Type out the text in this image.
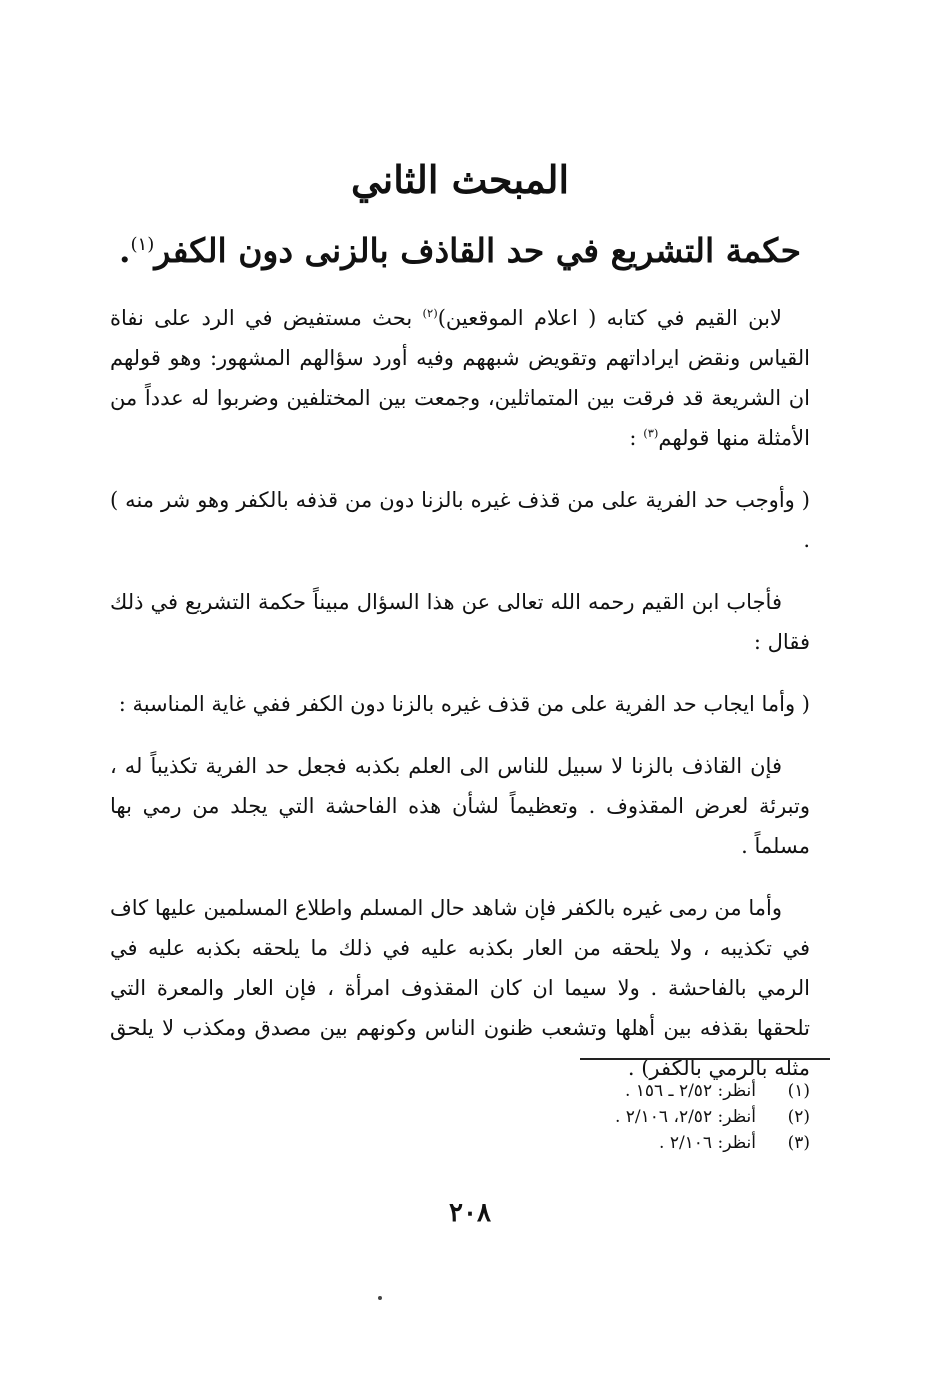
المبحث الثاني
حكمة التشريع في حد القاذف بالزنى دون الكفر$^{(١)}$.

لابن القيم في كتابه ( اعلام الموقعين)$^{(٢)}$ بحث مستفيض في الرد على نفاة القياس ونقض ايراداتهم وتقويض شبههم وفيه أورد سؤالهم المشهور: وهو قولهم ان الشريعة قد فرقت بين المتماثلين، وجمعت بين المختلفين وضربوا له عدداً من الأمثلة منها قولهم$^{(٣)}$ :

( وأوجب حد الفرية على من قذف غيره بالزنا دون من قذفه بالكفر وهو شر منه ) .

فأجاب ابن القيم رحمه الله تعالى عن هذا السؤال مبيناً حكمة التشريع في ذلك فقال :

( وأما ايجاب حد الفرية على من قذف غيره بالزنا دون الكفر ففي غاية المناسبة :

فإن القاذف بالزنا لا سبيل للناس الى العلم بكذبه فجعل حد الفرية تكذيباً له ، وتبرئة لعرض المقذوف . وتعظيماً لشأن هذه الفاحشة التي يجلد من رمي بها مسلماً .

وأما من رمى غيره بالكفر فإن شاهد حال المسلم واطلاع المسلمين عليها كاف في تكذيبه ، ولا يلحقه من العار بكذبه عليه في ذلك ما يلحقه بكذبه عليه في الرمي بالفاحشة . ولا سيما ان كان المقذوف امرأة ، فإن العار والمعرة التي تلحقها بقذفه بين أهلها وتشعب ظنون الناس وكونهم بين مصدق ومكذب لا يلحق مثله بالرمي بالكفر) .

(١)
أنظر: ٢/٥٢ ـ ١٥٦ .
(٢)
أنظر: ٢/٥٢، ٢/١٠٦ .
(٣)
أنظر: ٢/١٠٦ .
٢٠٨
